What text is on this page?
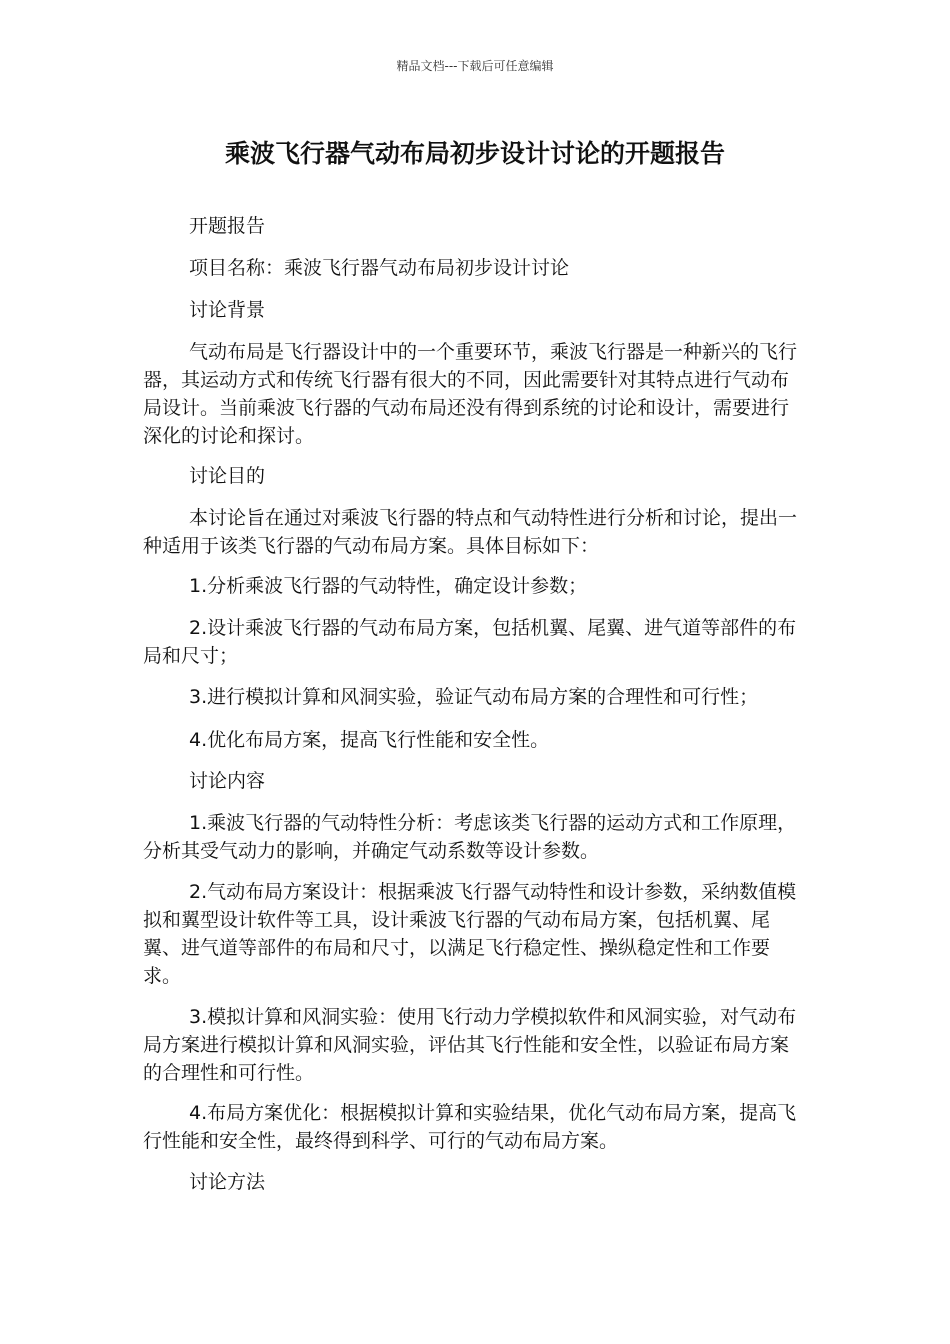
精品文档---下载后可任意编辑
乘波飞行器气动布局初步设计讨论的开题报告

开题报告

项目名称：乘波飞行器气动布局初步设计讨论

讨论背景

气动布局是飞行器设计中的一个重要环节，乘波飞行器是一种新兴的飞行器，其运动方式和传统飞行器有很大的不同，因此需要针对其特点进行气动布局设计。当前乘波飞行器的气动布局还没有得到系统的讨论和设计，需要进行深化的讨论和探讨。

讨论目的

本讨论旨在通过对乘波飞行器的特点和气动特性进行分析和讨论，提出一种适用于该类飞行器的气动布局方案。具体目标如下：

1.分析乘波飞行器的气动特性，确定设计参数；

2.设计乘波飞行器的气动布局方案，包括机翼、尾翼、进气道等部件的布局和尺寸；

3.进行模拟计算和风洞实验，验证气动布局方案的合理性和可行性；

4.优化布局方案，提高飞行性能和安全性。

讨论内容

1.乘波飞行器的气动特性分析：考虑该类飞行器的运动方式和工作原理，分析其受气动力的影响，并确定气动系数等设计参数。

2.气动布局方案设计：根据乘波飞行器气动特性和设计参数，采纳数值模拟和翼型设计软件等工具，设计乘波飞行器的气动布局方案，包括机翼、尾翼、进气道等部件的布局和尺寸，以满足飞行稳定性、操纵稳定性和工作要求。

3.模拟计算和风洞实验：使用飞行动力学模拟软件和风洞实验，对气动布局方案进行模拟计算和风洞实验，评估其飞行性能和安全性，以验证布局方案的合理性和可行性。

4.布局方案优化：根据模拟计算和实验结果，优化气动布局方案，提高飞行性能和安全性，最终得到科学、可行的气动布局方案。

讨论方法
